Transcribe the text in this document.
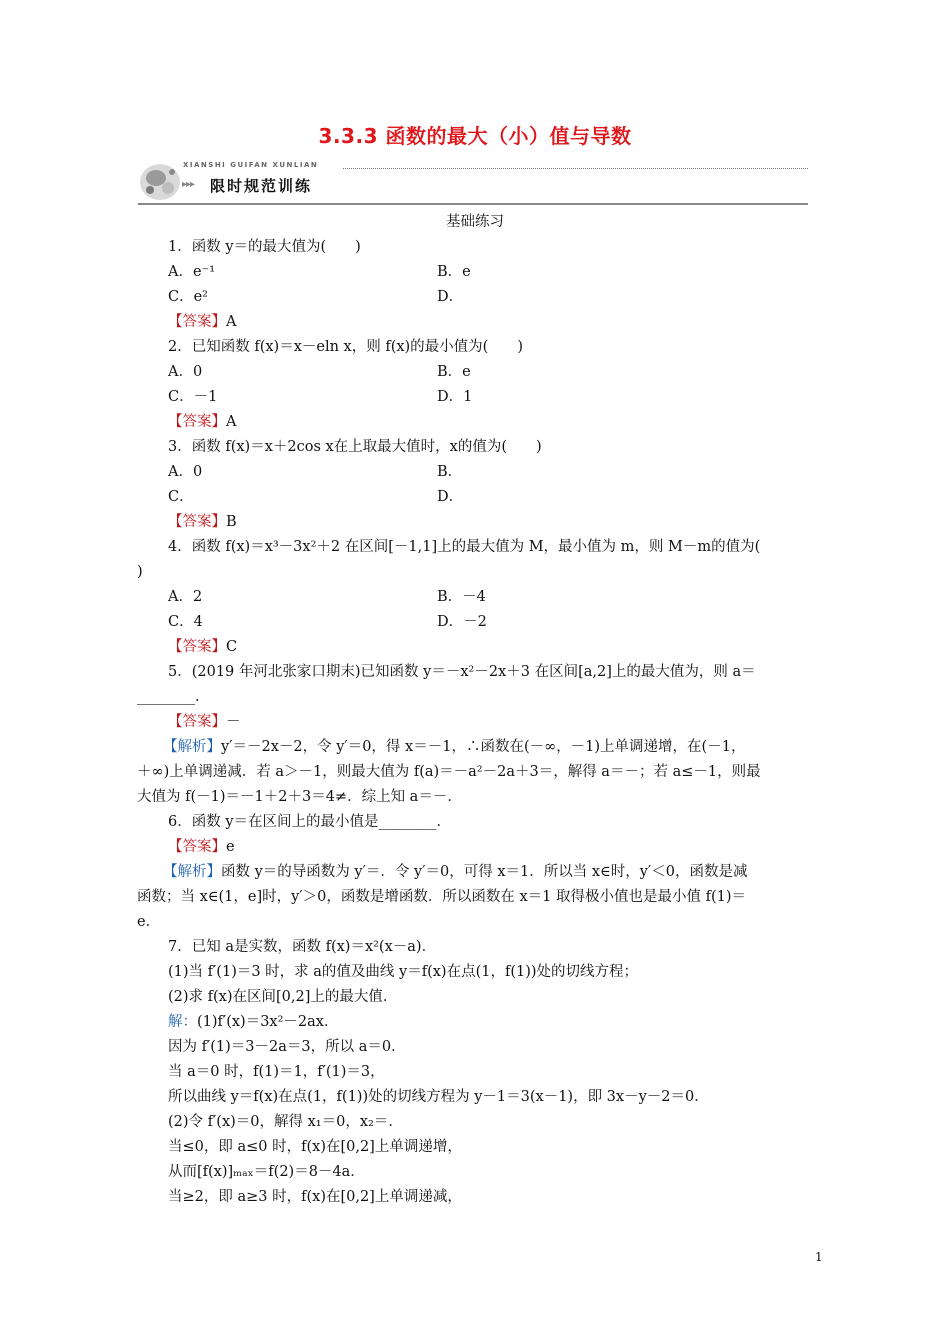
3.3.3 函数的最大（小）值与导数
XIANSHI GUIFAN XUNLIAN
▸▸▸ 限时规范训练
基础练习
1．函数 y＝的最大值为(　　)
A．e⁻¹	B．e
C．e²	D．
【答案】A
2．已知函数 f(x)＝x－eln x，则 f(x)的最小值为(　　)
A．0	B．e
C．－1	D．1
【答案】A
3．函数 f(x)＝x＋2cos x在上取最大值时，x的值为(　　)
A．0	B．
C．	D．
【答案】B
4．函数 f(x)＝x³－3x²＋2 在区间[－1,1]上的最大值为 M，最小值为 m，则 M－m的值为(
)
A．2	B．－4
C．4	D．－2
【答案】C
5．(2019 年河北张家口期末)已知函数 y＝－x²－2x＋3 在区间[a,2]上的最大值为，则 a＝
________.
【答案】－
【解析】y′＝－2x－2，令 y′＝0，得 x＝－1，∴函数在(－∞，－1)上单调递增，在(－1，
＋∞)上单调递减．若 a＞－1，则最大值为 f(a)＝－a²－2a＋3＝，解得 a＝－；若 a≤－1，则最
大值为 f(－1)＝－1＋2＋3＝4≠．综上知 a＝－．
6．函数 y＝在区间上的最小值是________．
【答案】e
【解析】函数 y＝的导函数为 y′＝．令 y′＝0，可得 x＝1．所以当 x∈时，y′＜0，函数是减
函数；当 x∈(1，e]时，y′＞0，函数是增函数．所以函数在 x＝1 取得极小值也是最小值 f(1)＝
e．
7．已知 a是实数，函数 f(x)＝x²(x－a)．
(1)当 f′(1)＝3 时，求 a的值及曲线 y＝f(x)在点(1，f(1))处的切线方程；
(2)求 f(x)在区间[0,2]上的最大值．
解：(1)f′(x)＝3x²－2ax．
因为 f′(1)＝3－2a＝3，所以 a＝0．
当 a＝0 时，f(1)＝1，f′(1)＝3，
所以曲线 y＝f(x)在点(1，f(1))处的切线方程为 y－1＝3(x－1)，即 3x－y－2＝0．
(2)令 f′(x)＝0，解得 x₁＝0，x₂＝．
当≤0，即 a≤0 时，f(x)在[0,2]上单调递增，
从而[f(x)]ₘₐₓ＝f(2)＝8－4a．
当≥2，即 a≥3 时，f(x)在[0,2]上单调递减，
1
